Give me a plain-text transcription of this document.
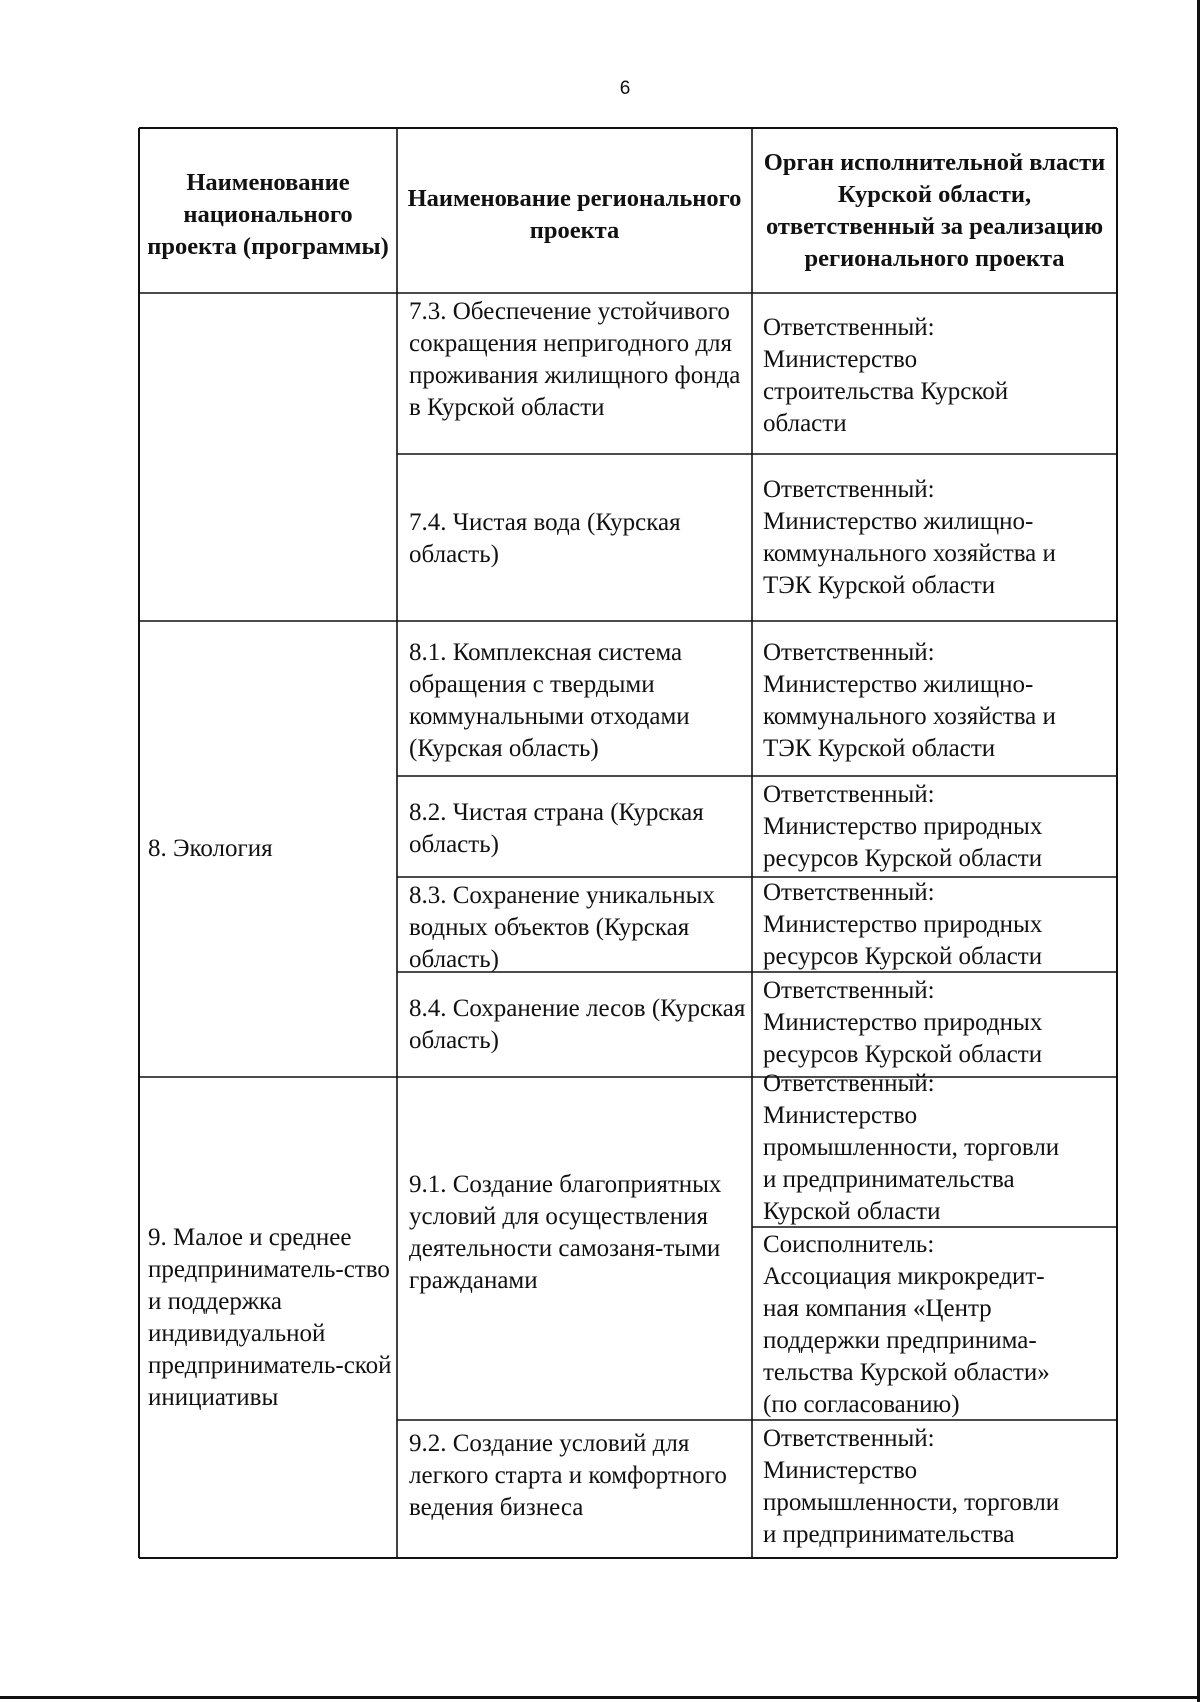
6
Наименование национального проекта (программы)
Наименование регионального проекта
Орган исполнительной власти Курской области, ответственный за реализацию регионального проекта
7.3. Обеспечение устойчивого сокращения непригодного для проживания жилищного фонда в Курской области
Ответственный:
Министерство
строительства Курской
области
7.4. Чистая вода (Курская область)
Ответственный:
Министерство жилищно-
коммунального хозяйства и
ТЭК Курской области
8. Экология
8.1. Комплексная система обращения с твердыми коммунальными отходами (Курская область)
Ответственный:
Министерство жилищно-
коммунального хозяйства и
ТЭК Курской области
8.2. Чистая страна (Курская область)
Ответственный:
Министерство природных
ресурсов Курской области
8.3. Сохранение уникальных водных объектов (Курская область)
Ответственный:
Министерство природных
ресурсов Курской области
8.4. Сохранение лесов (Курская область)
Ответственный:
Министерство природных
ресурсов Курской области
9. Малое и среднее предприниматель-ство и поддержка индивидуальной предприниматель-ской инициативы
9.1. Создание благоприятных условий для осуществления деятельности самозаня-тыми гражданами
Ответственный:
Министерство
промышленности, торговли
и предпринимательства
Курской области
Соисполнитель:
Ассоциация микрокредит-
ная компания «Центр
поддержки предпринима-
тельства Курской области»
(по согласованию)
9.2. Создание условий для легкого старта и комфортного ведения бизнеса
Ответственный:
Министерство
промышленности, торговли
и предпринимательства
